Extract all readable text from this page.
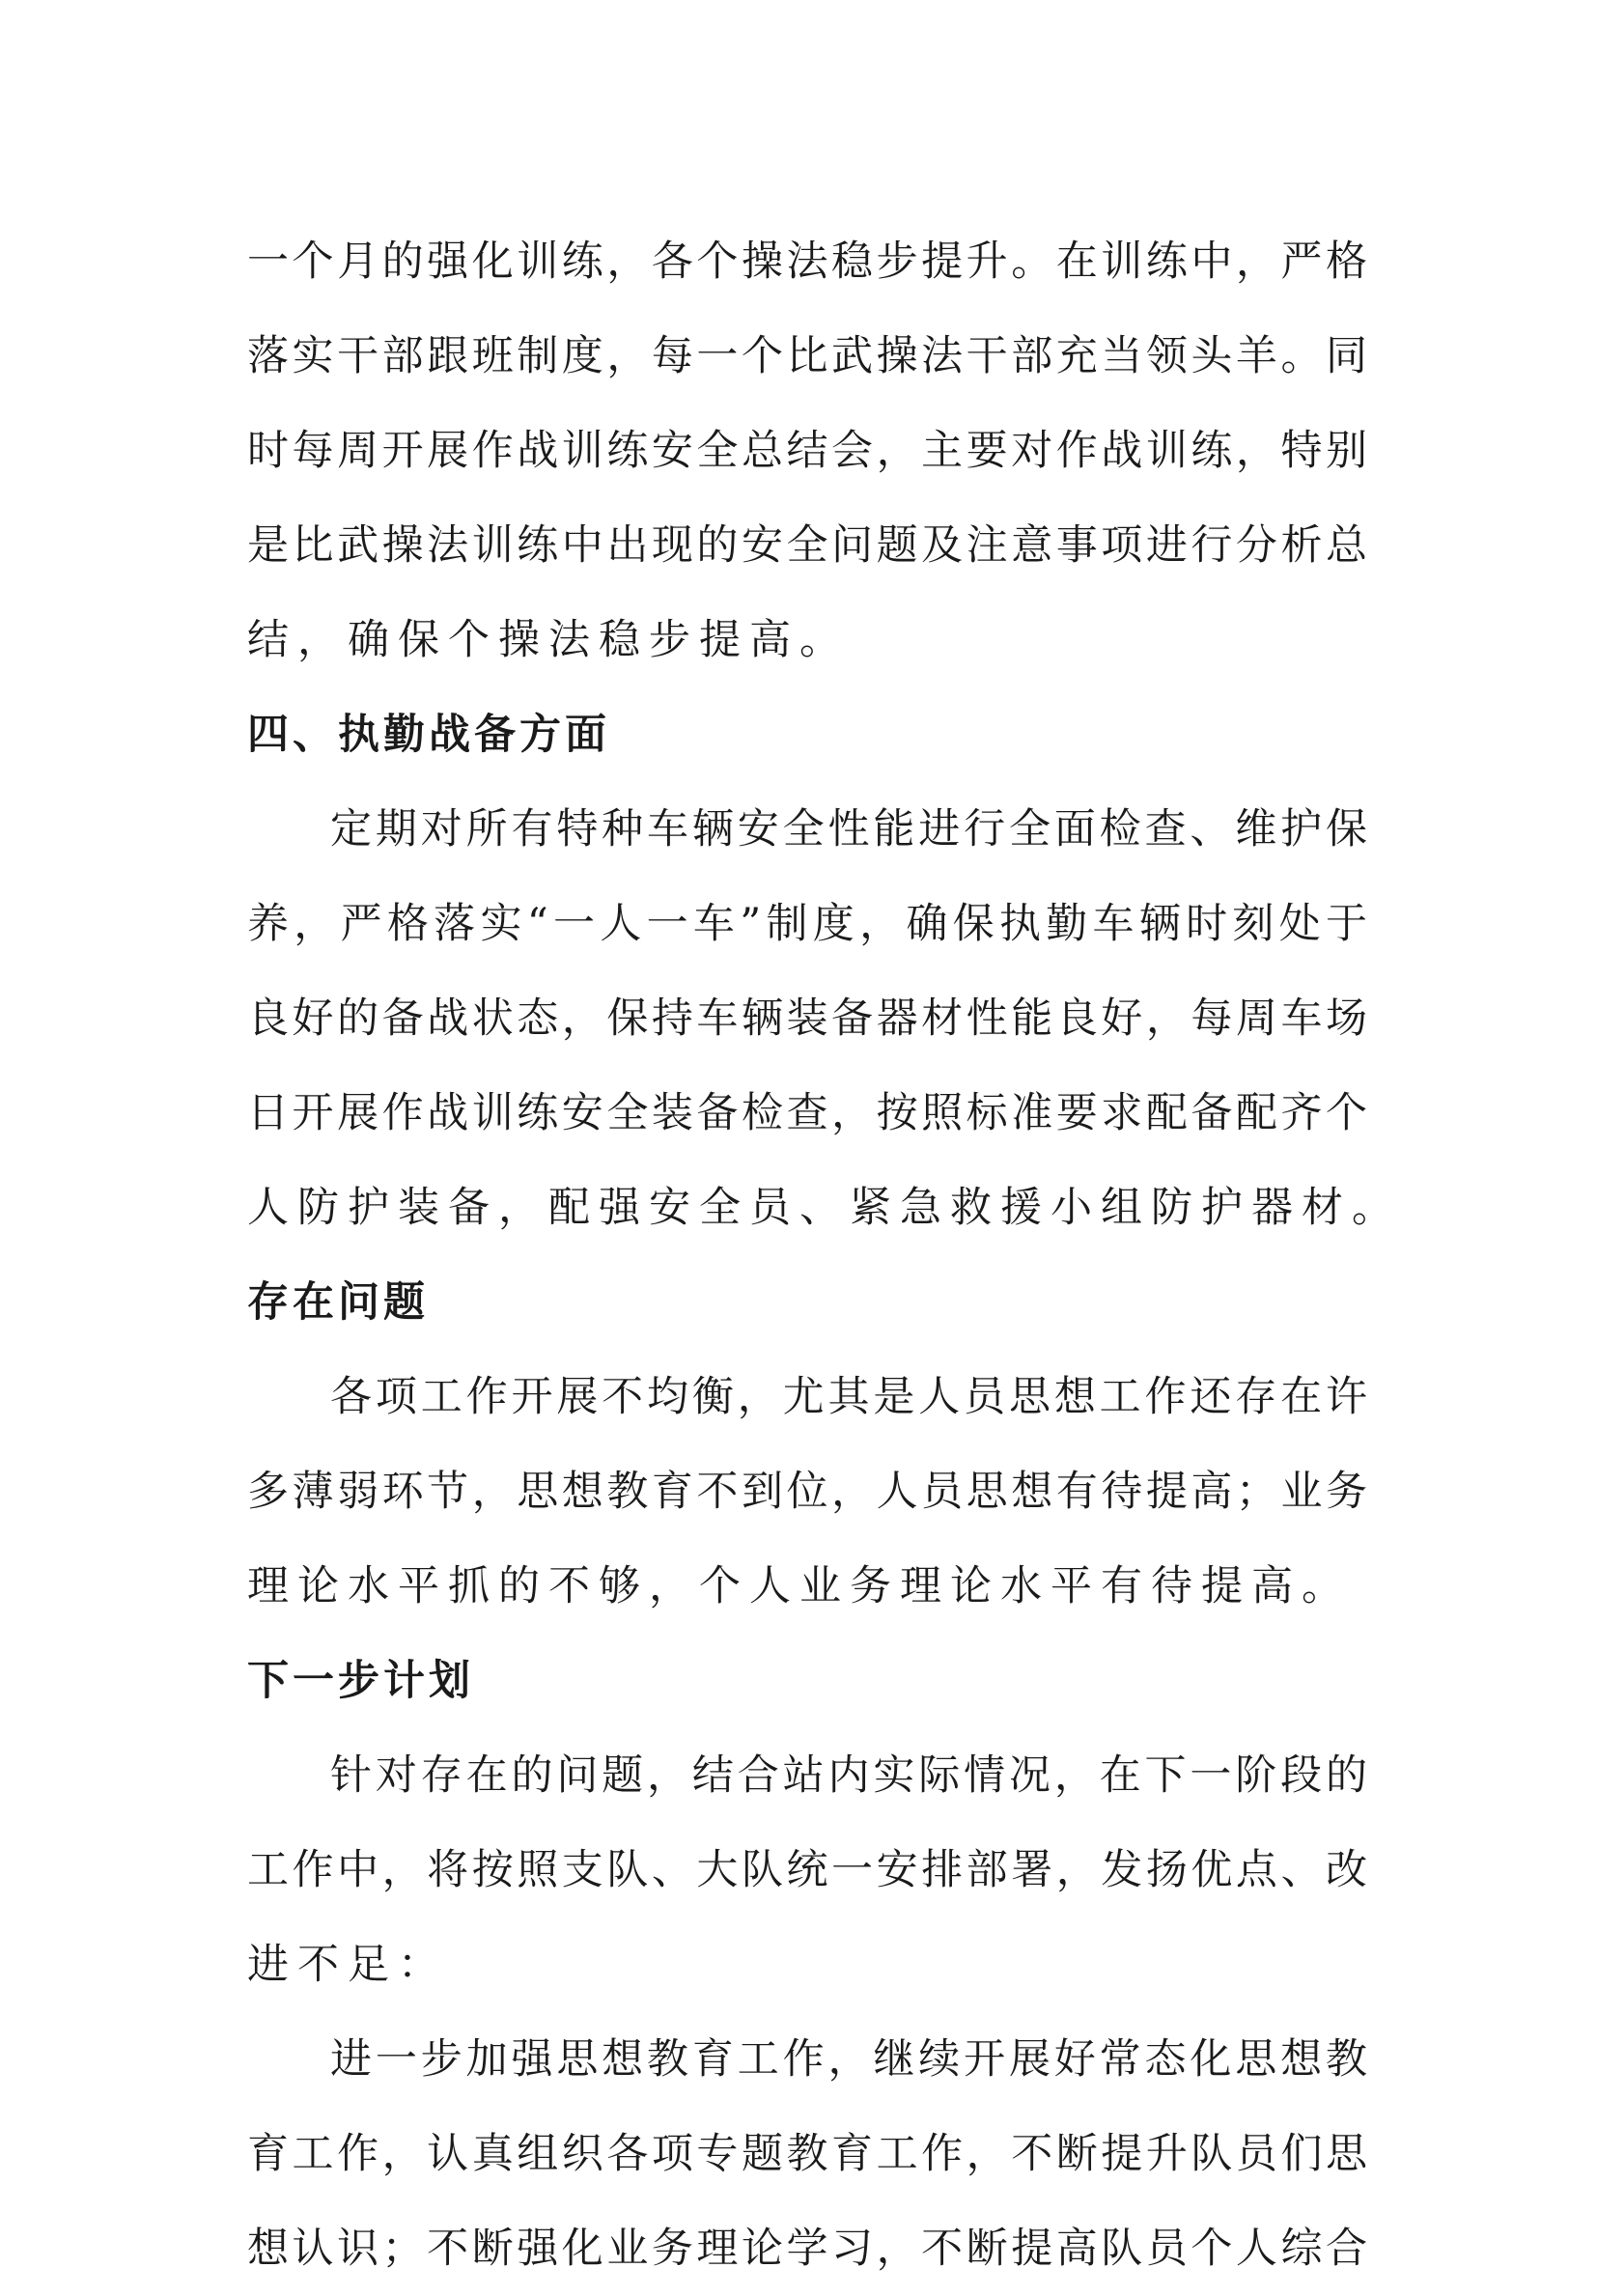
一个月的强化训练，各个操法稳步提升。在训练中，严格
落实干部跟班制度，每一个比武操法干部充当领头羊。同
时每周开展作战训练安全总结会，主要对作战训练，特别
是比武操法训练中出现的安全问题及注意事项进行分析总
结，确保个操法稳步提高。
四、执勤战备方面
定期对所有特种车辆安全性能进行全面检查、维护保
养，严格落实“一人一车”制度，确保执勤车辆时刻处于
良好的备战状态，保持车辆装备器材性能良好，每周车场
日开展作战训练安全装备检查，按照标准要求配备配齐个
人防护装备，配强安全员、紧急救援小组防护器材。
存在问题
各项工作开展不均衡，尤其是人员思想工作还存在许
多薄弱环节，思想教育不到位，人员思想有待提高；业务
理论水平抓的不够，个人业务理论水平有待提高。
下一步计划
针对存在的问题，结合站内实际情况，在下一阶段的
工作中，将按照支队、大队统一安排部署，发扬优点、改
进不足：
进一步加强思想教育工作，继续开展好常态化思想教
育工作，认真组织各项专题教育工作，不断提升队员们思
想认识；不断强化业务理论学习，不断提高队员个人综合
